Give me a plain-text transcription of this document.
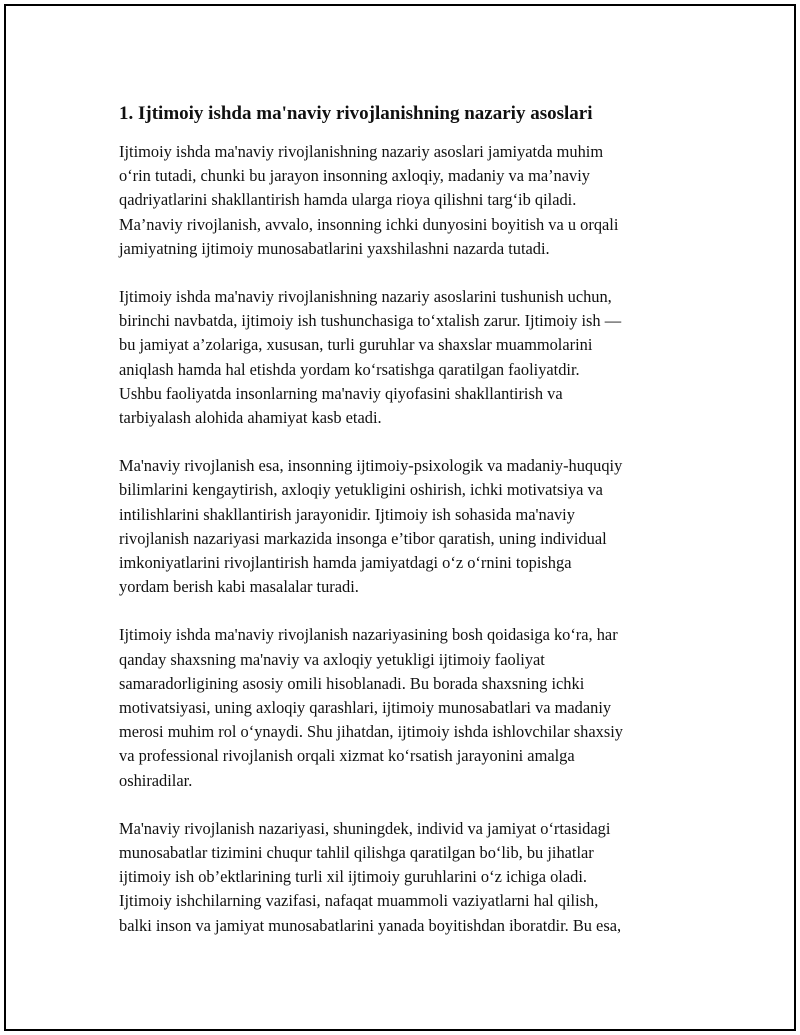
1. Ijtimoiy ishda ma'naviy rivojlanishning nazariy asoslari

Ijtimoiy ishda ma'naviy rivojlanishning nazariy asoslari jamiyatda muhim
o‘rin tutadi, chunki bu jarayon insonning axloqiy, madaniy va ma’naviy
qadriyatlarini shakllantirish hamda ularga rioya qilishni targ‘ib qiladi.
Ma’naviy rivojlanish, avvalo, insonning ichki dunyosini boyitish va u orqali
jamiyatning ijtimoiy munosabatlarini yaxshilashni nazarda tutadi.

Ijtimoiy ishda ma'naviy rivojlanishning nazariy asoslarini tushunish uchun,
birinchi navbatda, ijtimoiy ish tushunchasiga to‘xtalish zarur. Ijtimoiy ish —
bu jamiyat a’zolariga, xususan, turli guruhlar va shaxslar muammolarini
aniqlash hamda hal etishda yordam ko‘rsatishga qaratilgan faoliyatdir.
Ushbu faoliyatda insonlarning ma'naviy qiyofasini shakllantirish va
tarbiyalash alohida ahamiyat kasb etadi.

Ma'naviy rivojlanish esa, insonning ijtimoiy-psixologik va madaniy-huquqiy
bilimlarini kengaytirish, axloqiy yetukligini oshirish, ichki motivatsiya va
intilishlarini shakllantirish jarayonidir. Ijtimoiy ish sohasida ma'naviy
rivojlanish nazariyasi markazida insonga e’tibor qaratish, uning individual
imkoniyatlarini rivojlantirish hamda jamiyatdagi o‘z o‘rnini topishga
yordam berish kabi masalalar turadi.

Ijtimoiy ishda ma'naviy rivojlanish nazariyasining bosh qoidasiga ko‘ra, har
qanday shaxsning ma'naviy va axloqiy yetukligi ijtimoiy faoliyat
samaradorligining asosiy omili hisoblanadi. Bu borada shaxsning ichki
motivatsiyasi, uning axloqiy qarashlari, ijtimoiy munosabatlari va madaniy
merosi muhim rol o‘ynaydi. Shu jihatdan, ijtimoiy ishda ishlovchilar shaxsiy
va professional rivojlanish orqali xizmat ko‘rsatish jarayonini amalga
oshiradilar.

Ma'naviy rivojlanish nazariyasi, shuningdek, individ va jamiyat o‘rtasidagi
munosabatlar tizimini chuqur tahlil qilishga qaratilgan bo‘lib, bu jihatlar
ijtimoiy ish ob’ektlarining turli xil ijtimoiy guruhlarini o‘z ichiga oladi.
Ijtimoiy ishchilarning vazifasi, nafaqat muammoli vaziyatlarni hal qilish,
balki inson va jamiyat munosabatlarini yanada boyitishdan iboratdir. Bu esa,
